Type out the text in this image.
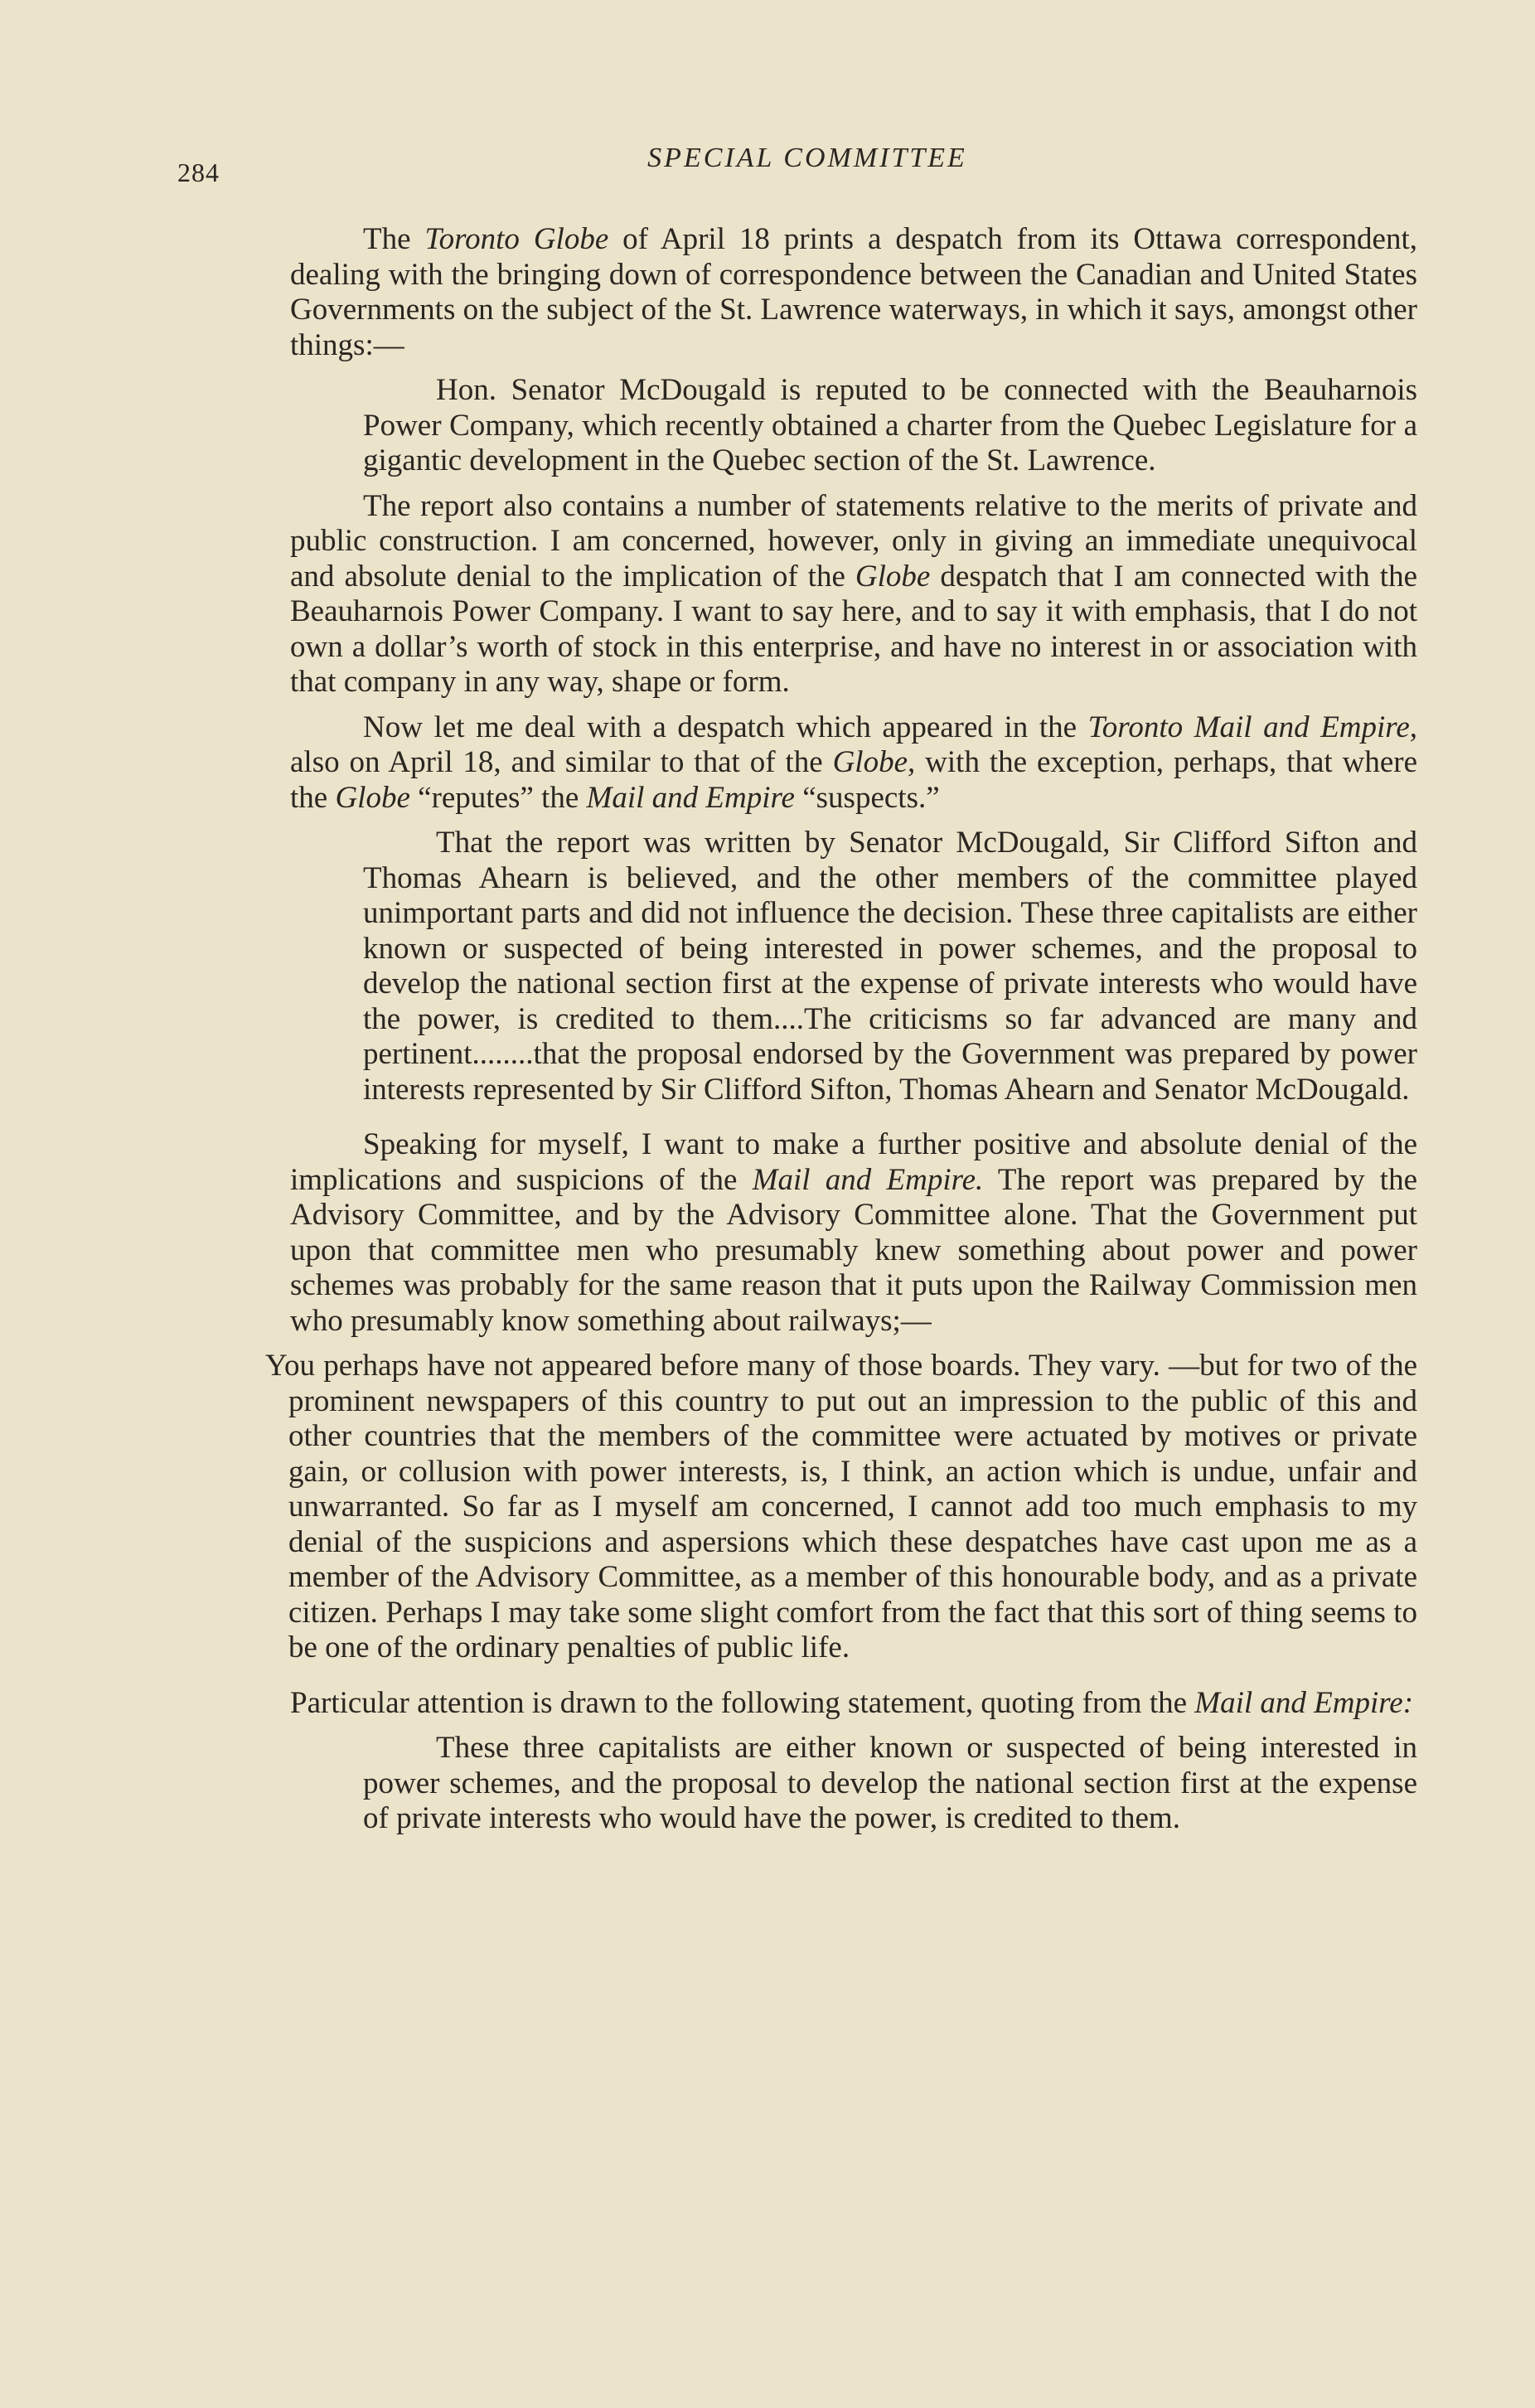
284	SPECIAL COMMITTEE

The Toronto Globe of April 18 prints a despatch from its Ottawa correspondent, dealing with the bringing down of correspondence between the Canadian and United States Governments on the subject of the St. Lawrence waterways, in which it says, amongst other things:—

Hon. Senator McDougald is reputed to be connected with the Beauharnois Power Company, which recently obtained a charter from the Quebec Legislature for a gigantic development in the Quebec section of the St. Lawrence.

The report also contains a number of statements relative to the merits of private and public construction. I am concerned, however, only in giving an immediate unequivocal and absolute denial to the implication of the Globe despatch that I am connected with the Beauharnois Power Company. I want to say here, and to say it with emphasis, that I do not own a dollar’s worth of stock in this enterprise, and have no interest in or association with that company in any way, shape or form.

Now let me deal with a despatch which appeared in the Toronto Mail and Empire, also on April 18, and similar to that of the Globe, with the exception, perhaps, that where the Globe “reputes” the Mail and Empire “suspects.”

That the report was written by Senator McDougald, Sir Clifford Sifton and Thomas Ahearn is believed, and the other members of the committee played unimportant parts and did not influence the decision. These three capitalists are either known or suspected of being interested in power schemes, and the proposal to develop the national section first at the expense of private interests who would have the power, is credited to them....The criticisms so far advanced are many and pertinent........that the proposal endorsed by the Government was prepared by power interests represented by Sir Clifford Sifton, Thomas Ahearn and Senator McDougald.

Speaking for myself, I want to make a further positive and absolute denial of the implications and suspicions of the Mail and Empire. The report was prepared by the Advisory Committee, and by the Advisory Committee alone. That the Government put upon that committee men who presumably knew something about power and power schemes was probably for the same reason that it puts upon the Railway Commission men who presumably know something about railways;—

You perhaps have not appeared before many of those boards. They vary. —but for two of the prominent newspapers of this country to put out an impression to the public of this and other countries that the members of the committee were actuated by motives or private gain, or collusion with power interests, is, I think, an action which is undue, unfair and unwarranted. So far as I myself am concerned, I cannot add too much emphasis to my denial of the suspicions and aspersions which these despatches have cast upon me as a member of the Advisory Committee, as a member of this honourable body, and as a private citizen. Perhaps I may take some slight comfort from the fact that this sort of thing seems to be one of the ordinary penalties of public life.

Particular attention is drawn to the following statement, quoting from the Mail and Empire:

These three capitalists are either known or suspected of being interested in power schemes, and the proposal to develop the national section first at the expense of private interests who would have the power, is credited to them.
